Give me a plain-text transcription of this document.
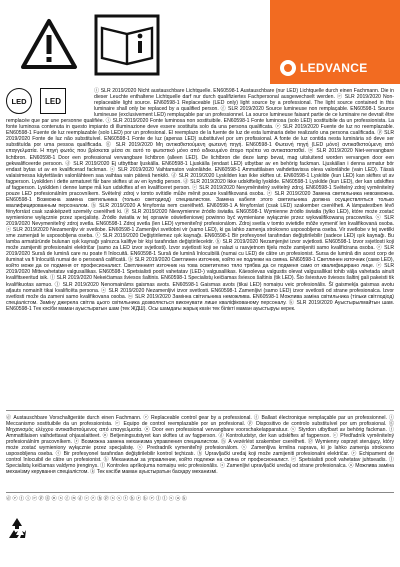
LEDVANCE
LED LED
ⓘ SLR 2019/2020 Nicht austauschbare Lichtquelle. EN60598-1 Austauschbare (nur LED) Lichtquelle durch einen Fachmann. Die in dieser Leuchte enthaltene Lichtquelle darf nur durch qualifiziertes Fachpersonal ausgewechselt werden. ⓔ SLR 2019/2020 Non-replaceable light source. EN60598-1 Replaceable (LED only) light source by a professional. The light source contained in this luminaire shall only be replaced by a qualified person. ⓕ SLR 2019/2020 Source lumineuse non remplaçable. EN60598-1 Source lumineuse (exclusivement LED) remplaçable par un professionnel. La source lumineuse faisant partie de ce luminaire ne devrait être remplacée que par une personne qualifiée. ⓘ SLR 2019/2020 Fonte luminosa non sostituibile. EN60598-1 Fonte luminosa (solo LED) sostituibile da un professionista. La fonte luminosa contenuta in questo impianto di illuminazione deve essere sostituita solo da una persona qualificata. ⓔ SLR 2019/2020 Fuente de luz no reemplazable. EN60598-1 Fuente de luz reemplazable (solo LED) por un profesional. El reemplazo de la fuente de luz de esta luminaria debe realizarlo una persona cualificada. ⓟ SLR 2019/2020 Fonte de luz não substituível. EN60598-1 Fonte de luz (apenas LED) substituível por um profissional. A fonte de luz contida nesta luminária só deve ser substituída por uma pessoa qualificada. ⓖ SLR 2019/2020 Μη αντικαθιστούμενη φωτεινή πηγή. EN60598-1 Φωτεινή πηγή (LED μόνο) αντικαθιστούμενη από επαγγελματία. Η πηγή φωτός που βρίσκεται μέσα σε αυτό το φωτιστικό μόνο από ειδικευμένο άτομο πρέπει να αντικατασταθεί. ⓝ SLR 2019/2020 Niet-vervangbare lichtbron. EN60598-1 Door een professional vervangbare lichtbron (alleen LED). De lichtbron die deze lamp bevat, mag uitsluitend worden vervangen door een gekwalificeerde persoon. ⓓ SLR 2019/2020 Ej utbyttbar ljuskälla. EN60598-1 Ljuskälla (endast LED) utbytbar av en behörig fackman. Ljuskällan i denna armatur bör endast bytas ut av en kvalificerad fackman. ⓢ SLR 2019/2020 Vaihtamaton valonlähde. EN60598-1 Ammattilaisen vaihdettavissa oleva valonlähde (vain LED). Tässä valaisimessa käytettävän valonlähteen saa vaihtaa vain pätevä henkilö. ⓓ SLR 2019/2020 Lyskilden kan ikke skiftes ut. EN60598-1 Lyskilde (kun LED) kan skiftes ut av fagperson. Lyskilden i dette armaturet får bare skiftes ut av en kyndig person. ⓓ SLR 2019/2020 Ikke udskiftelig lyskilde. EN60598-1 Lyskilde (kun LED), der kan udskiftes af fagperson. Lyskilden i denne lampe må kun udskiftes af en kvalificeret person. ⓒ SLR 2019/2020 Nevyměnitelný světelný zdroj. EN60598-1 Světelný zdroj vyměnitelný pouze LED profesionálním pracovníkem. Světelný zdroj v tomto svítidle může měnit pouze kvalifikovaná osoba. ⓡ SLR 2019/2020 Замена светильника невозможна. EN60598-1 Возможна замена светильника (только светодиод) специалистом. Замена кабеля этого светильника должна осуществляться только квалифицированным персоналом. ⓗ SLR 2019/2020 A fényforrás nem cserélhető. EN60598-1 A fényforrást (csak LED) szakember cserélheti. A lámpatestben lévő fényforrást csak szakképzett személy cserélheti ki. ⓟ SLR 2019/2020 Niewymienne źródło światła. EN60598-1 Wymienne źródło światła (tylko LED), które może zostać wymienione wyłącznie przez specjalistę. Źródło światła w tej oprawie oświetleniowej powinno być wymieniane wyłącznie przez wykwalifikowaną pracownika. ⓢ SLR 2019/2020 Nevymeniteľný zdroj svetla. EN60598-1 Zdroj svetla (len LED) vymeniteľný profesionálom. Zdroj svetla v tomto svietidle môže vymeniť len kvalifikovaná osoba. ⓢ SLR 2019/2020 Nezamenljiv vir svetlobe. EN60598-1 Zamenljivi svetlobni vir (samo LED), ki ga lahko zamenja strokovno usposobljena oseba. Vir svetlobe v tej svetilki sme zamenjati le usposobljena oseba. ⓣ SLR 2019/2020 Değiştirilemez ışık kaynağı. EN60598-1 Bir profesyonel tarafından değiştirilebilir (sadece LED) ışık kaynağı. Bu lamba armatüründe bulunan ışık kaynağı yalnızca kalifiye bir kişi tarafından değiştirilecektir. ⓗ SLR 2019/2020 Nezamjenjivi izvor svjetlosti. EN60598-1 Izvor svjetlosti koji može zamijeniti profesionalni električar (samo za LED izvor svjetlosti). Izvor svjetlosti koji se nalazi u rasvjetnom tijelu može zamijeniti samo kvalificirana osoba. ⓡ SLR 2019/2020 Sursă de lumină care nu poate fi înlocuită. EN60598-1 Sursă de lumină înlocuibilă (numai cu LED) de către un profesionist. Sursa de lumină din acest corp de iluminat va fi înlocuită numai de o persoană calificată. ⓑ SLR 2019/2020 Светлинен източник, който не подлежи на смяна. EN60598-1 Светлинен източник (само LED), който може да се подменя от професионалист. Светлинният източник на това осветително тяло трябва да се подменя само от квалифицирано лице. ⓔ SLR 2019/2020 Mittevahetatav valgusallikas. EN60598-1 Spetsialisti poolt vahetatav (LED-) valgusallikas. Käesolevas valgustis olevat valgusallikat tohib välja vahetada ainult kvalifitseeritud isik. ⓛ SLR 2019/2020 Nekeičiamas šviesos šaltinis. EN60598-1 Specialistų keičiamas šviesos šaltinis (tik LED). Šio šviestuvo šviesos šaltinį gali pakeisti tik kvalifikuotas asmuo. ⓛ SLR 2019/2020 Nenomaināms gaismas avots. EN60598-1 Gaismas avots (tikai LED) nomaiņu veic profesionālis. Šī gaismekļa gaismas avotu atļauts nomainīt tikai kvalificēta persona. ⓢ SLR 2019/2020 Nezamenljivi izvor svetlosti. EN60598-1 Zamenljivi (samo LED) izvor svetlosti od strane profesionalca. Izvor svetlosti može da zameni samo kvalifikovana osoba. ⓤ SLR 2019/2020 Замінна світильника неможлива. EN60598-1 Можлива заміна світильника (тільки світлодіод) спеціалістом. Заміну джерела світла цього світильника дозволяється виконувати лише кваліфікованому персоналу. ⓚ SLR 2019/2020 Ауыстырылмайтын шам. EN60598-1 Тек кәсіби маман ауыстыратын шам (тек ЖДШ). Осы шамдағы жарық көзін тек білікті маман ауыстыруы керек.
ⓓ Austauschbare Vorschaltgeräte durch einen Fachmann. ⓔ Replaceable control gear by a professional. ⓕ Ballast électronique remplaçable par un professionnel. ⓘ Meccanismo sostituibile da un professionista. ⓔ Equipo de control reemplazable por un profesional. ⓟ Dispositivo de controlo substituível por um profissional. ⓖ Μηχανισμός ελέγχου αντικαθιστούμενος από επαγγελματία. ⓝ Door een professional vervangbare voorschakelapparatuur. ⓢ Styrdon utbytbart av behörig fackman. ⓕ Ammattilaisen vaihdettavat ohjauslaitteet. ⓝ Betjeningsutstyret kan skiftes ut av fagperson. ⓓ Kontroludstyr, der kan udskiftes af fagperson. ⓒ Předřadník vyměnitelný profesionálním pracovníkem. ⓡ Возможна замена механизма управления специалистом. ⓗ A vezérlést szakember cserélheti. ⓟ Wymienny osprzęt sterujący, który może zostać wymieniony wyłącznie przez specjalistę. ⓢ Predradník vymeniteľný profesionálom. ⓢ Zamenljiva krmilna naprava, ki jo lahko zamenja strokovno usposobljena oseba. ⓣ Bir profesyonel tarafından değiştirilebilir kontrol teçhizatı. ⓗ Upravljački uređaj koji može zamijeniti profesionalni električar. ⓡ Echipament de control înlocuibil de către un profesionist. ⓑ Механизъм за управление, който подлежи на смяна от професионалист. ⓔ Spetsialisti poolt vahetatav juhtseadis. ⓛ Specialistų keičiamas valdymo įrenginys. ⓛ Kontroles aprīkojuma nomaiņu veic profesionālis. ⓢ Zamenljivi upravljački uređaj od strane profesionalca. ⓤ Можлива заміна механізму керування спеціалістом. ⓚ Тек кәсіби маман ауыстыратын басқару механизмі.
ⓓ ⓔ ⓕ ⓘ ⓔ ⓟ ⓖ ⓝ ⓢ ⓕ ⓝ ⓓ ⓒ ⓡ ⓗ ⓟ ⓢ ⓢ ⓣ ⓗ ⓡ ⓑ ⓔ ⓛ ⓛ ⓢ ⓤ ⓚ
